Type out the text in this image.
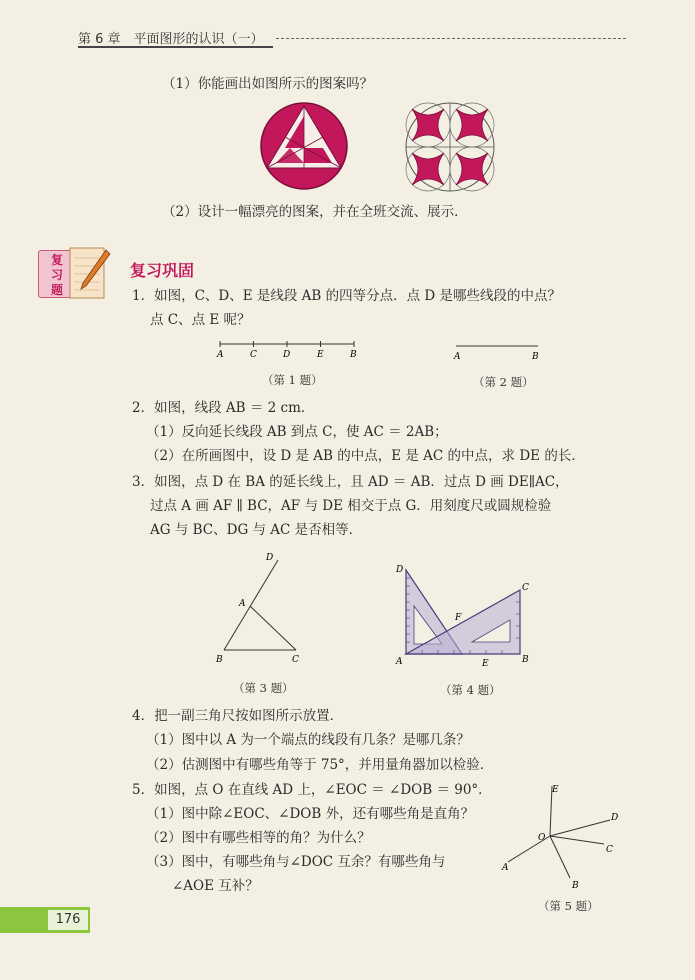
第 6 章　平面图形的认识（一）
（1）你能画出如图所示的图案吗？
（2）设计一幅漂亮的图案，并在全班交流、展示．
复
习
题
复习巩固
1．如图，C、D、E 是线段 AB 的四等分点．点 D 是哪些线段的中点？
点 C、点 E 呢？
A	C	D	E	B
（第 1 题）
A	B
（第 2 题）
2．如图，线段 AB ＝ 2 cm．
（1）反向延长线段 AB 到点 C，使 AC ＝ 2AB；
（2）在所画图中，设 D 是 AB 的中点，E 是 AC 的中点，求 DE 的长．
3．如图，点 D 在 BA 的延长线上，且 AD ＝ AB．过点 D 画 DE∥AC，
过点 A 画 AF ∥ BC，AF 与 DE 相交于点 G．用刻度尺或圆规检验
AG 与 BC、DG 与 AC 是否相等．
D
A
B	C
（第 3 题）
D
C
F
A	E	B
（第 4 题）
4．把一副三角尺按如图所示放置．
（1）图中以 A 为一个端点的线段有几条？是哪几条？
（2）估测图中有哪些角等于 75°，并用量角器加以检验．
5．如图，点 O 在直线 AD 上，∠EOC ＝ ∠DOB ＝ 90°．
（1）图中除∠EOC、∠DOB 外，还有哪些角是直角？
（2）图中有哪些相等的角？为什么？
（3）图中，有哪些角与∠DOC 互余？有哪些角与
∠AOE 互补？
E
D
O
C
A
B
（第 5 题）
176
